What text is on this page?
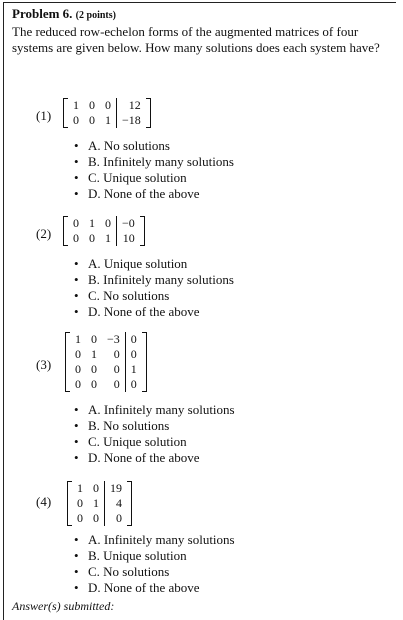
Problem 6. (2 points)
The reduced row-echelon forms of the augmented matrices of four systems are given below. How many solutions does each system have?
(1)
1	0	0	12
0	0	1	−18
• A. No solutions
• B. Infinitely many solutions
• C. Unique solution
• D. None of the above
(2)
0	1	0	−0
0	0	1	10
• A. Unique solution
• B. Infinitely many solutions
• C. No solutions
• D. None of the above
(3)
1	0	−3	0
0	1	0	0
0	0	0	1
0	0	0	0
• A. Infinitely many solutions
• B. No solutions
• C. Unique solution
• D. None of the above
(4)
1	0	19
0	1	4
0	0	0
• A. Infinitely many solutions
• B. Unique solution
• C. No solutions
• D. None of the above
Answer(s) submitted:
